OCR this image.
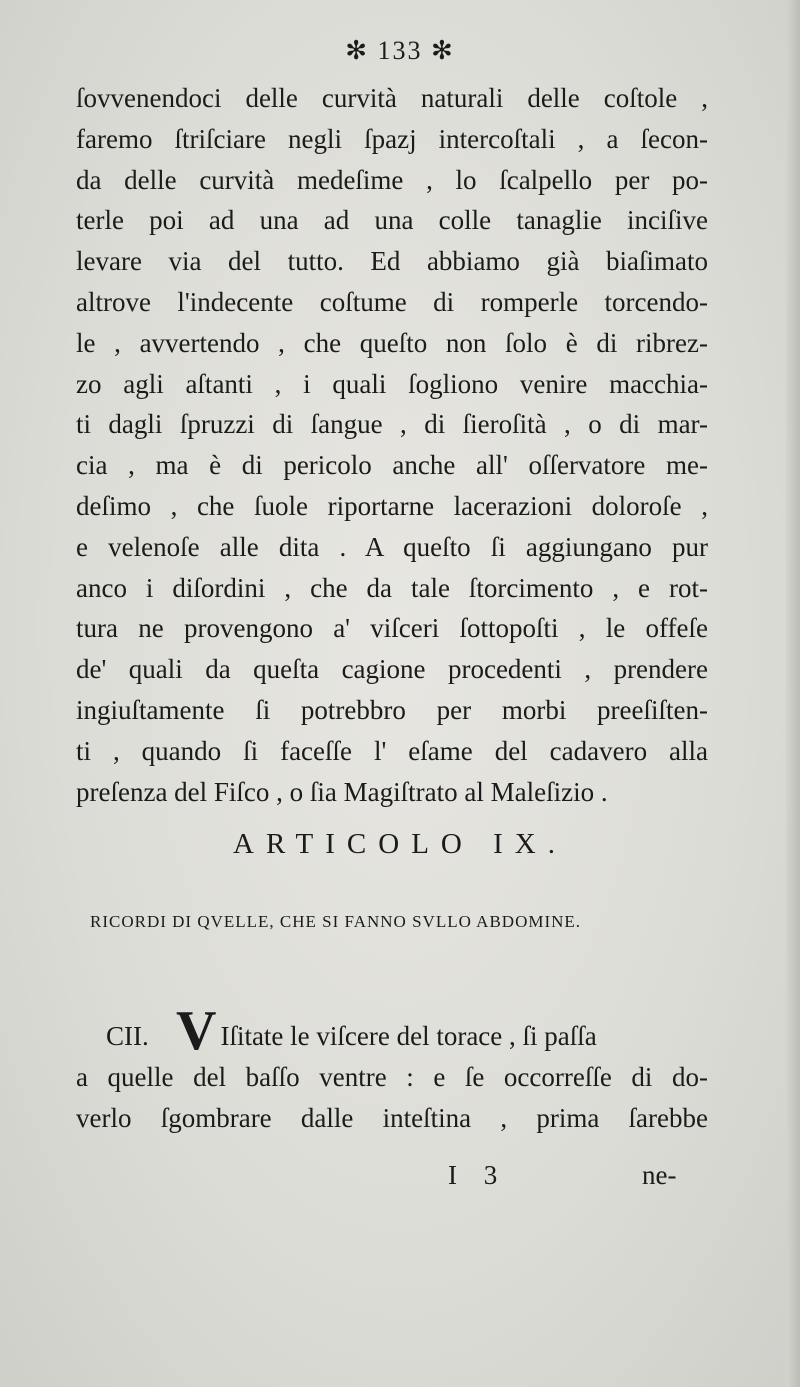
✻ 133 ✻
ſovvenendoci delle curvità naturali delle coſtole ,
faremo ſtriſciare negli ſpazj intercoſtali , a ſecon-
da delle curvità medeſime , lo ſcalpello per po-
terle poi ad una ad una colle tanaglie inciſive
levare via del tutto. Ed abbiamo già biaſimato
altrove l'indecente coſtume di romperle torcendo-
le , avvertendo , che queſto non ſolo è di ribrez-
zo agli aſtanti , i quali ſogliono venire macchia-
ti dagli ſpruzzi di ſangue , di ſieroſità , o di mar-
cia , ma è di pericolo anche all' oſſervatore me-
deſimo , che ſuole riportarne lacerazioni doloroſe ,
e velenoſe alle dita . A queſto ſi aggiungano pur
anco i diſordini , che da tale ſtorcimento , e rot-
tura ne provengono a' viſceri ſottopoſti , le offeſe
de' quali da queſta cagione procedenti , prendere
ingiuſtamente ſi potrebbro per morbi preeſiſten-
ti , quando ſi faceſſe l' eſame del cadavero alla
preſenza del Fiſco , o ſia Magiſtrato al Maleſizio .
ARTICOLO IX.
RICORDI DI QVELLE, CHE SI FANNO SVLLO ABDOMINE.
CII. V Iſitate le viſcere del torace , ſi paſſa
a quelle del baſſo ventre : e ſe occorreſſe di do-
verlo ſgombrare dalle inteſtina , prima ſarebbe
I 3	ne-
